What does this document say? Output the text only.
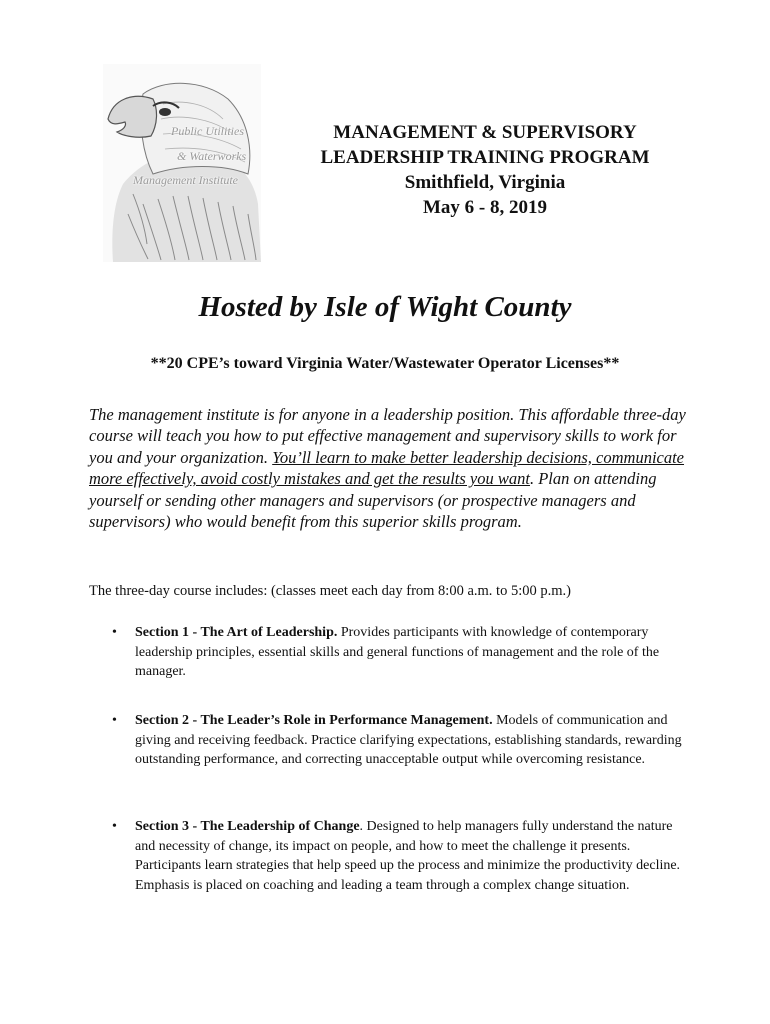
Public Utilities
& Waterworks
Management Institute
MANAGEMENT & SUPERVISORY
LEADERSHIP TRAINING PROGRAM
Smithfield, Virginia
May 6 - 8, 2019
Hosted by Isle of Wight County
**20 CPE’s toward Virginia Water/Wastewater Operator Licenses**
The management institute is for anyone in a leadership position. This affordable three-day course will teach you how to put effective management and supervisory skills to work for you and your organization. You’ll learn to make better leadership decisions, communicate more effectively, avoid costly mistakes and get the results you want. Plan on attending yourself or sending other managers and supervisors (or prospective managers and supervisors) who would benefit from this superior skills program.
The three-day course includes: (classes meet each day from 8:00 a.m. to 5:00 p.m.)
• Section 1 - The Art of Leadership. Provides participants with knowledge of contemporary leadership principles, essential skills and general functions of management and the role of the manager.
• Section 2 - The Leader’s Role in Performance Management. Models of communication and giving and receiving feedback. Practice clarifying expectations, establishing standards, rewarding outstanding performance, and correcting unacceptable output while overcoming resistance.
• Section 3 - The Leadership of Change. Designed to help managers fully understand the nature and necessity of change, its impact on people, and how to meet the challenge it presents. Participants learn strategies that help speed up the process and minimize the productivity decline. Emphasis is placed on coaching and leading a team through a complex change situation.
